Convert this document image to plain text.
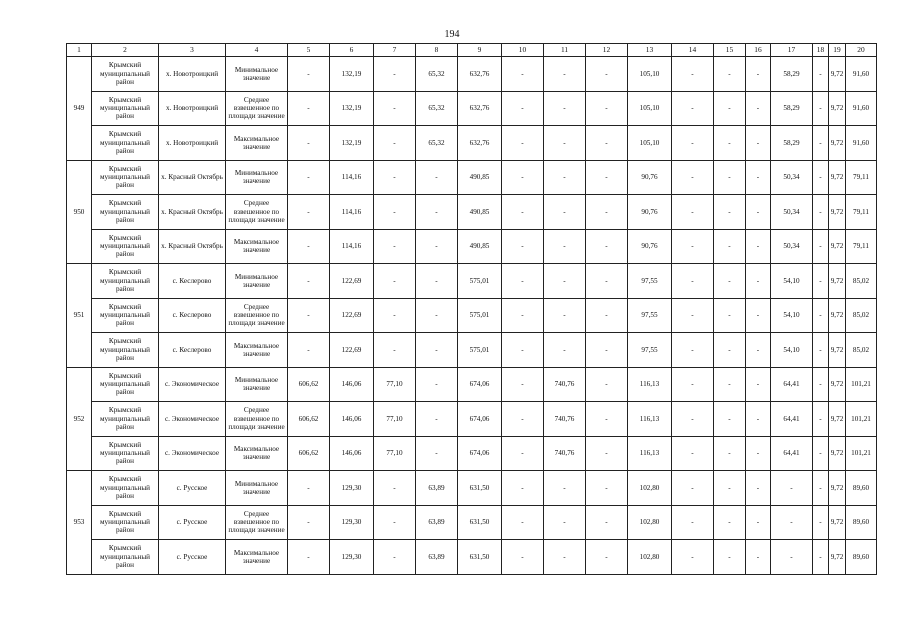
194
1	2	3	4	5	6	7	8	9	10	11	12	13	14	15	16	17	18	19	20
949	Крымский муниципальный район	х. Новотроицкий	Минимальное значение	-	132,19	-	65,32	632,76	-	-	-	105,10	-	-	-	58,29	-	9,72	91,60
	Крымский муниципальный район	х. Новотроицкий	Среднее взвешенное по площади значение	-	132,19	-	65,32	632,76	-	-	-	105,10	-	-	-	58,29	-	9,72	91,60
	Крымский муниципальный район	х. Новотроицкий	Максимальное значение	-	132,19	-	65,32	632,76	-	-	-	105,10	-	-	-	58,29	-	9,72	91,60
950	Крымский муниципальный район	х. Красный Октябрь	Минимальное значение	-	114,16	-	-	490,85	-	-	-	90,76	-	-	-	50,34	-	9,72	79,11
	Крымский муниципальный район	х. Красный Октябрь	Среднее взвешенное по площади значение	-	114,16	-	-	490,85	-	-	-	90,76	-	-	-	50,34	-	9,72	79,11
	Крымский муниципальный район	х. Красный Октябрь	Максимальное значение	-	114,16	-	-	490,85	-	-	-	90,76	-	-	-	50,34	-	9,72	79,11
951	Крымский муниципальный район	с. Кеслерово	Минимальное значение	-	122,69	-	-	575,01	-	-	-	97,55	-	-	-	54,10	-	9,72	85,02
	Крымский муниципальный район	с. Кеслерово	Среднее взвешенное по площади значение	-	122,69	-	-	575,01	-	-	-	97,55	-	-	-	54,10	-	9,72	85,02
	Крымский муниципальный район	с. Кеслерово	Максимальное значение	-	122,69	-	-	575,01	-	-	-	97,55	-	-	-	54,10	-	9,72	85,02
952	Крымский муниципальный район	с. Экономическое	Минимальное значение	606,62	146,06	77,10	-	674,06	-	740,76	-	116,13	-	-	-	64,41	-	9,72	101,21
	Крымский муниципальный район	с. Экономическое	Среднее взвешенное по площади значение	606,62	146,06	77,10	-	674,06	-	740,76	-	116,13	-	-	-	64,41	-	9,72	101,21
	Крымский муниципальный район	с. Экономическое	Максимальное значение	606,62	146,06	77,10	-	674,06	-	740,76	-	116,13	-	-	-	64,41	-	9,72	101,21
953	Крымский муниципальный район	с. Русское	Минимальное значение	-	129,30	-	63,89	631,50	-	-	-	102,80	-	-	-	-	-	9,72	89,60
	Крымский муниципальный район	с. Русское	Среднее взвешенное по площади значение	-	129,30	-	63,89	631,50	-	-	-	102,80	-	-	-	-	-	9,72	89,60
	Крымский муниципальный район	с. Русское	Максимальное значение	-	129,30	-	63,89	631,50	-	-	-	102,80	-	-	-	-	-	9,72	89,60
